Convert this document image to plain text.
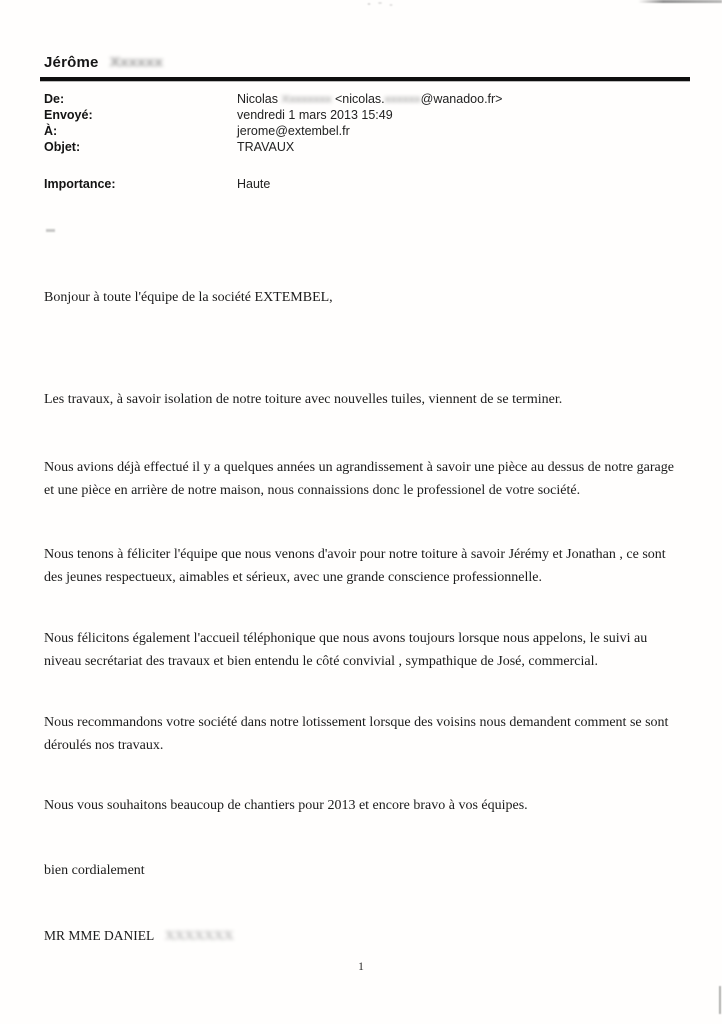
Jérôme Xxxxxx
De:	Nicolas Xxxxxxxx <nicolas.xxxxxx@wanadoo.fr>
Envoyé:	vendredi 1 mars 2013 15:49
À:	jerome@extembel.fr
Objet:	TRAVAUX
Importance:	Haute

Bonjour à toute l'équipe de la société EXTEMBEL,

Les travaux, à savoir isolation de notre toiture avec nouvelles tuiles, viennent de se terminer.

Nous avions déjà effectué il y a quelques années un agrandissement à savoir une pièce au dessus de notre garage et une pièce en arrière de notre maison, nous connaissions donc le professionel de votre société.

Nous tenons à féliciter l'équipe que nous venons d'avoir pour notre toiture à savoir Jérémy et Jonathan , ce sont des jeunes respectueux, aimables et sérieux, avec une grande conscience professionnelle.

Nous félicitons également l'accueil téléphonique que nous avons toujours lorsque nous appelons, le suivi au niveau secrétariat des travaux et bien entendu le côté convivial , sympathique de José, commercial.

Nous recommandons votre société dans notre lotissement lorsque des voisins nous demandent comment se sont déroulés nos travaux.

Nous vous souhaitons beaucoup de chantiers pour 2013 et encore bravo à vos équipes.

bien cordialement
MR MME DANIEL XXXXXXX
1
